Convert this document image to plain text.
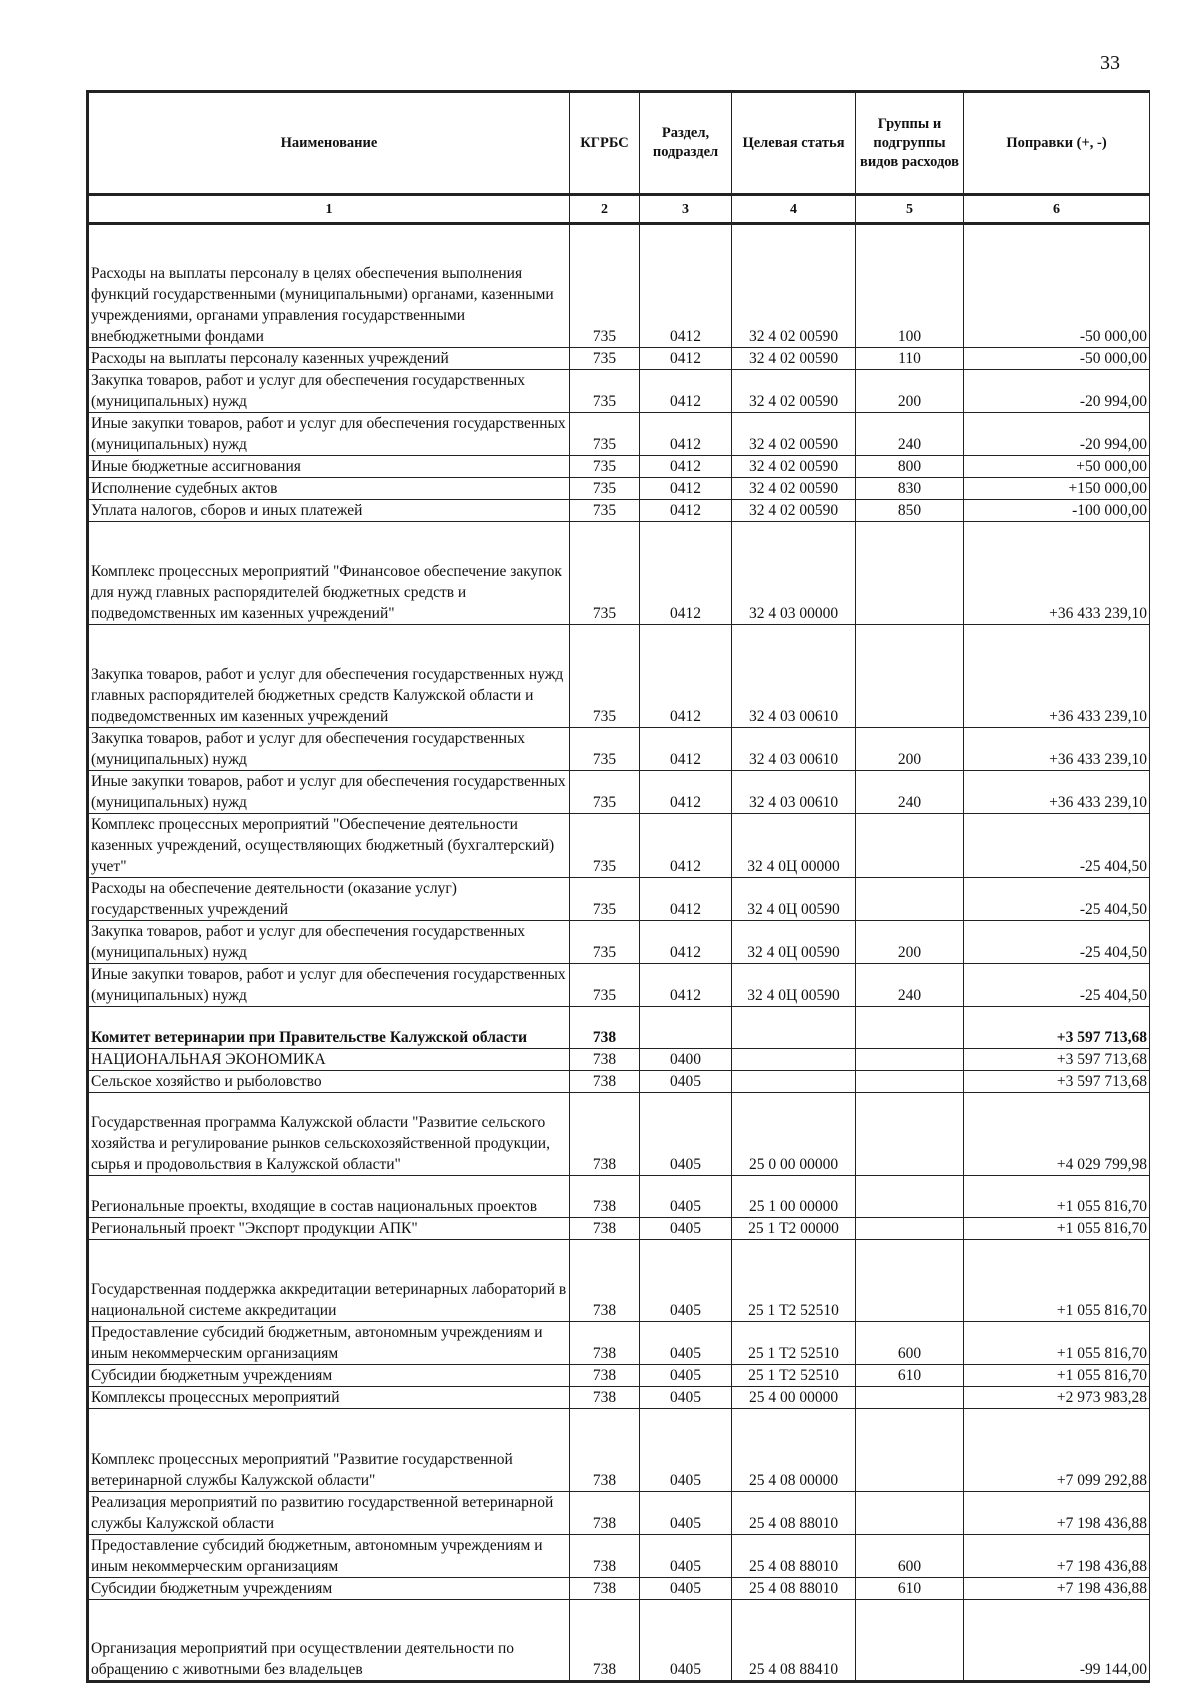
33
Наименование	КГРБС	Раздел, подраздел	Целевая статья	Группы и подгруппы видов расходов	Поправки (+, -)
1	2	3	4	5	6
Расходы на выплаты персоналу в целях обеспечения выполнения функций государственными (муниципальными) органами, казенными учреждениями, органами управления государственными внебюджетными фондами	735	0412	32 4 02 00590	100	-50 000,00
Расходы на выплаты персоналу казенных учреждений	735	0412	32 4 02 00590	110	-50 000,00
Закупка товаров, работ и услуг для обеспечения государственных (муниципальных) нужд	735	0412	32 4 02 00590	200	-20 994,00
Иные закупки товаров, работ и услуг для обеспечения государственных (муниципальных) нужд	735	0412	32 4 02 00590	240	-20 994,00
Иные бюджетные ассигнования	735	0412	32 4 02 00590	800	+50 000,00
Исполнение судебных актов	735	0412	32 4 02 00590	830	+150 000,00
Уплата налогов, сборов и иных платежей	735	0412	32 4 02 00590	850	-100 000,00
Комплекс процессных мероприятий "Финансовое обеспечение закупок для нужд главных распорядителей бюджетных средств и подведомственных им казенных учреждений"	735	0412	32 4 03 00000		+36 433 239,10
Закупка товаров, работ и услуг для обеспечения государственных нужд главных распорядителей бюджетных средств Калужской области и подведомственных им казенных учреждений	735	0412	32 4 03 00610		+36 433 239,10
Закупка товаров, работ и услуг для обеспечения государственных (муниципальных) нужд	735	0412	32 4 03 00610	200	+36 433 239,10
Иные закупки товаров, работ и услуг для обеспечения государственных (муниципальных) нужд	735	0412	32 4 03 00610	240	+36 433 239,10
Комплекс процессных мероприятий "Обеспечение деятельности казенных учреждений, осуществляющих бюджетный (бухгалтерский) учет"	735	0412	32 4 0Ц 00000		-25 404,50
Расходы на обеспечение деятельности (оказание услуг) государственных учреждений	735	0412	32 4 0Ц 00590		-25 404,50
Закупка товаров, работ и услуг для обеспечения государственных (муниципальных) нужд	735	0412	32 4 0Ц 00590	200	-25 404,50
Иные закупки товаров, работ и услуг для обеспечения государственных (муниципальных) нужд	735	0412	32 4 0Ц 00590	240	-25 404,50
Комитет ветеринарии при Правительстве Калужской области	738				+3 597 713,68
НАЦИОНАЛЬНАЯ ЭКОНОМИКА	738	0400			+3 597 713,68
Сельское хозяйство и рыболовство	738	0405			+3 597 713,68
Государственная программа Калужской области "Развитие сельского хозяйства и регулирование рынков сельскохозяйственной продукции, сырья и продовольствия в Калужской области"	738	0405	25 0 00 00000		+4 029 799,98
Региональные проекты, входящие в состав национальных проектов	738	0405	25 1 00 00000		+1 055 816,70
Региональный проект "Экспорт продукции АПК"	738	0405	25 1 Т2 00000		+1 055 816,70
Государственная поддержка аккредитации ветеринарных лабораторий в национальной системе аккредитации	738	0405	25 1 Т2 52510		+1 055 816,70
Предоставление субсидий бюджетным, автономным учреждениям и иным некоммерческим организациям	738	0405	25 1 Т2 52510	600	+1 055 816,70
Субсидии бюджетным учреждениям	738	0405	25 1 Т2 52510	610	+1 055 816,70
Комплексы процессных мероприятий	738	0405	25 4 00 00000		+2 973 983,28
Комплекс процессных мероприятий "Развитие государственной ветеринарной службы Калужской области"	738	0405	25 4 08 00000		+7 099 292,88
Реализация мероприятий по развитию государственной ветеринарной службы Калужской области	738	0405	25 4 08 88010		+7 198 436,88
Предоставление субсидий бюджетным, автономным учреждениям и иным некоммерческим организациям	738	0405	25 4 08 88010	600	+7 198 436,88
Субсидии бюджетным учреждениям	738	0405	25 4 08 88010	610	+7 198 436,88
Организация мероприятий при осуществлении деятельности по обращению с животными без владельцев	738	0405	25 4 08 88410		-99 144,00
